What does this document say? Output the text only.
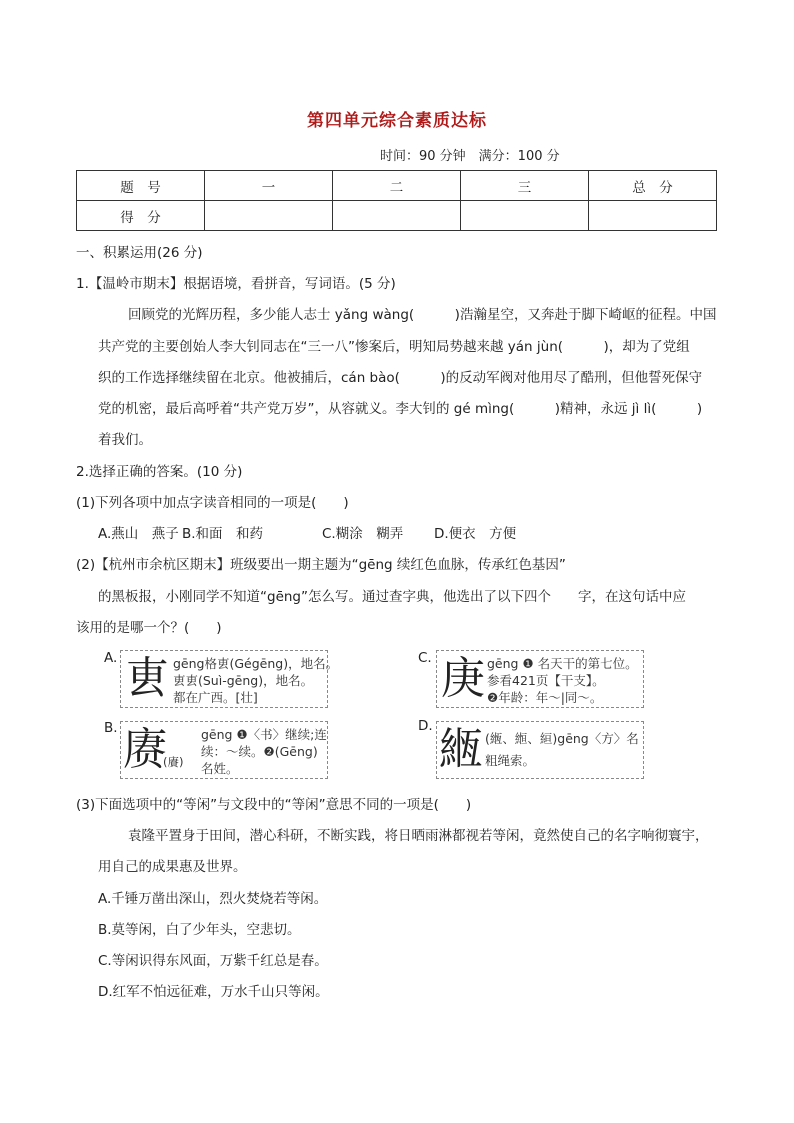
第四单元综合素质达标
时间：90 分钟　满分：100 分
题　号	一	二	三	总　分
得　分				
一、积累运用(26 分)
1.【温岭市期末】根据语境，看拼音，写词语。(5 分)
回顾党的光辉历程，多少能人志士 yǎng wàng(　　　)浩瀚星空，又奔赴于脚下崎岖的征程。中国
共产党的主要创始人李大钊同志在“三一八”惨案后，明知局势越来越 yán jùn(　　　)，却为了党组
织的工作选择继续留在北京。他被捕后，cán bào(　　　)的反动军阀对他用尽了酷刑，但他誓死保守
党的机密，最后高呼着“共产党万岁”，从容就义。李大钊的 gé mìng(　　　)精神，永远 jì lì(　　　)
着我们。
2.选择正确的答案。(10 分)
(1)下列各项中加点字读音相同的一项是(　　)
A.燕山　燕子 B.和面　和药	C.糊涂　糊弄 D.便衣　方便
(2)【杭州市余杭区期末】班级要出一期主题为“gēng 续红色血脉，传承红色基因”
的黑板报，小刚同学不知道“gēng”怎么写。通过查字典，他选出了以下四个　　字，在这句话中应
该用的是哪一个？(　　)
A. 叀 gēng格叀(Gégēng)，地名。
叀叀(Suì-gēng)，地名。
都在广西。[壮]
C. 庚 gēng ❶ 名天干的第七位。
参看421页【干支】。
❷年龄：年～|同～。
B. 赓
(賡)
gēng ❶〈书〉继续;连
续：～续。❷(Gēng)
名姓。
D. 緪 (緪、縆、絙)gēng〈方〉名
粗绳索。
(3)下面选项中的“等闲”与文段中的“等闲”意思不同的一项是(　　)
袁隆平置身于田间，潜心科研，不断实践，将日晒雨淋都视若等闲，竟然使自己的名字响彻寰宇，
用自己的成果惠及世界。
A.千锤万凿出深山，烈火焚烧若等闲。
B.莫等闲，白了少年头，空悲切。
C.等闲识得东风面，万紫千红总是春。
D.红军不怕远征难，万水千山只等闲。
